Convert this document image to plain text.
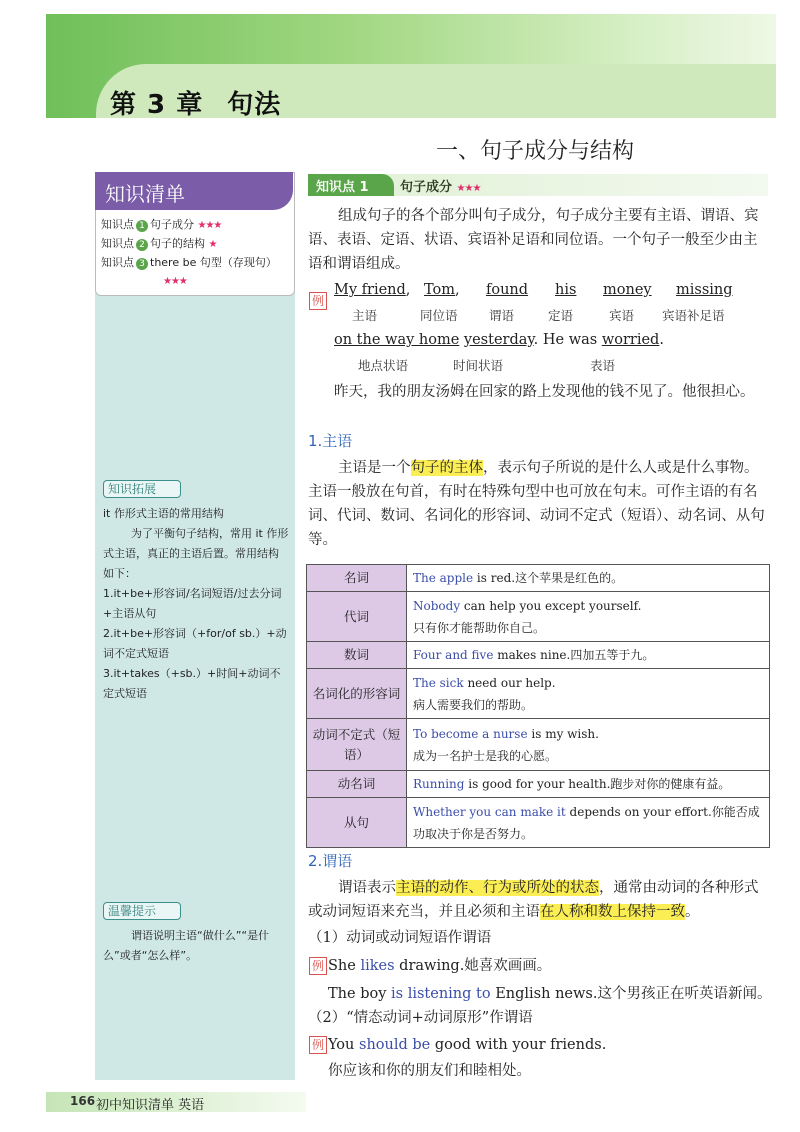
第 3 章 句法
一、句子成分与结构
知识清单
知识点 1 句子成分 ★★★
知识点 2 句子的结构 ★
知识点 3 there be 句型（存现句）
★★★
知识拓展
it 作形式主语的常用结构
为了平衡句子结构，常用 it 作形式主语，真正的主语后置。常用结构如下：
1.it+be+形容词/名词短语/过去分词+主语从句
2.it+be+形容词（+for/of sb.）+动词不定式短语
3.it+takes（+sb.）+时间+动词不定式短语
温馨提示
谓语说明主语“做什么”“是什么”或者“怎么样”。
知识点 1	句子成分 ★★★
组成句子的各个部分叫句子成分，句子成分主要有主语、谓语、宾语、表语、定语、状语、宾语补足语和同位语。一个句子一般至少由主语和谓语组成。
例
My friend, Tom, found his money missing
主语	同位语	谓语	定语	宾语 宾语补足语
on the way home yesterday. He was worried.
地点状语	时间状语	表语
昨天，我的朋友汤姆在回家的路上发现他的钱不见了。他很担心。
1.主语
主语是一个句子的主体，表示句子所说的是什么人或是什么事物。主语一般放在句首，有时在特殊句型中也可放在句末。可作主语的有名词、代词、数词、名词化的形容词、动词不定式（短语）、动名词、从句等。
名词	The apple is red.这个苹果是红色的。
代词	Nobody can help you except yourself.
只有你才能帮助你自己。
数词	Four and five makes nine.四加五等于九。
名词化的形容词	The sick need our help.
病人需要我们的帮助。
动词不定式（短语）	To become a nurse is my wish.
成为一名护士是我的心愿。
动名词	Running is good for your health.跑步对你的健康有益。
从句	Whether you can make it depends on your effort.你能否成功取决于你是否努力。
2.谓语
谓语表示主语的动作、行为或所处的状态，通常由动词的各种形式或动词短语来充当，并且必须和主语在人称和数上保持一致。
（1）动词或动词短语作谓语
例 She likes drawing.她喜欢画画。
The boy is listening to English news.这个男孩正在听英语新闻。
（2）“情态动词+动词原形”作谓语
例 You should be good with your friends.
你应该和你的朋友们和睦相处。
166 初中知识清单 英语
